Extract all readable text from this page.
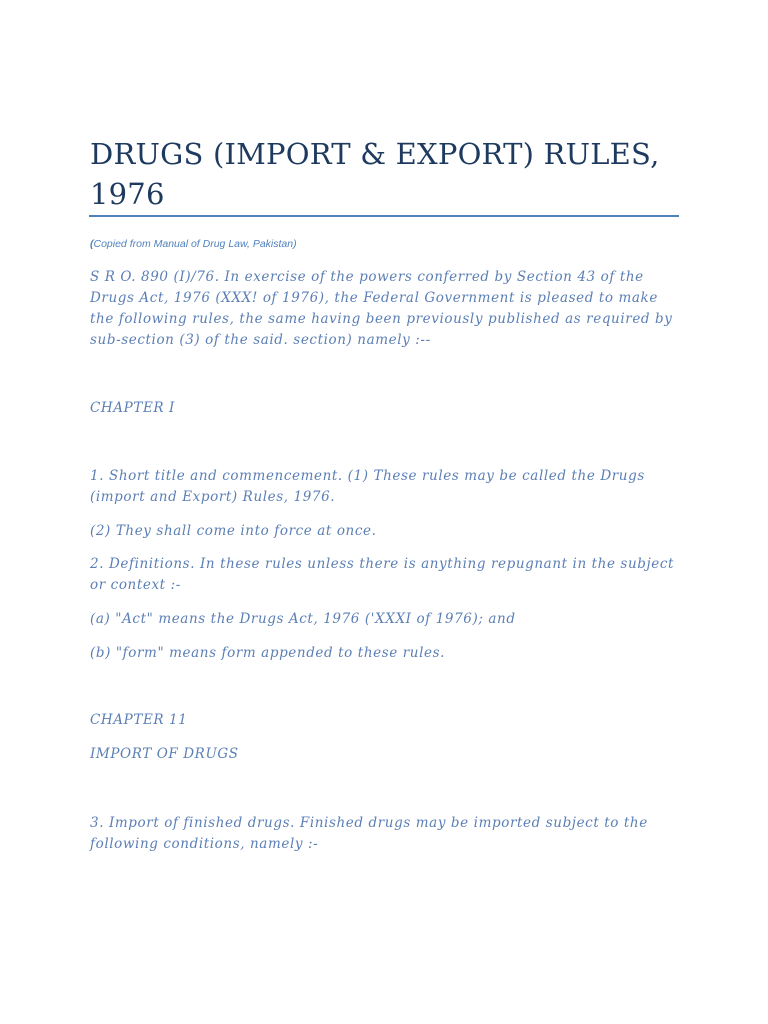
DRUGS (IMPORT & EXPORT) RULES, 1976
(Copied from Manual of Drug Law, Pakistan)

S R O. 890 (I)/76. In exercise of the powers conferred by Section 43 of the Drugs Act, 1976 (XXX! of 1976), the Federal Government is pleased to make the following rules, the same having been previously published as required by sub-section (3) of the said. section) namely :--

CHAPTER I

1. Short title and commencement. (1) These rules may be called the Drugs (import and Export) Rules, 1976.

(2) They shall come into force at once.

2. Definitions. In these rules unless there is anything repugnant in the subject or context :-

(a) "Act" means the Drugs Act, 1976 ('XXXI of 1976); and

(b) "form" means form appended to these rules.

CHAPTER 11

IMPORT OF DRUGS

3. Import of finished drugs. Finished drugs may be imported subject to the following conditions, namely :-
